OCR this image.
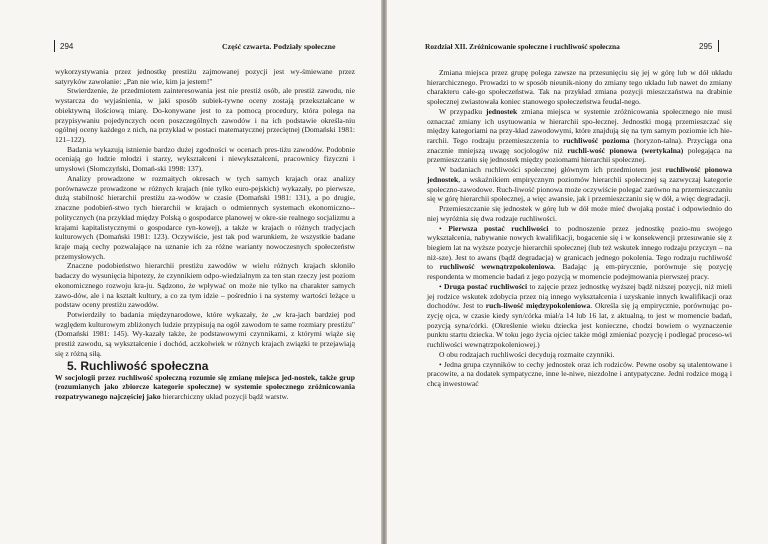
294	Część czwarta. Podziały społeczne

wykorzystywania przez jednostkę prestiżu zajmowanej pozycji jest wy-śmiewane przez satyryków zawołanie: „Pan nie wie, kim ja jestem!"

Stwierdzenie, że przedmiotem zainteresowania jest nie prestiż osób, ale prestiż zawodu, nie wystarcza do wyjaśnienia, w jaki sposób subiek-tywne oceny zostają przekształcane w obiektywną ilościową miarę. Do-konywane jest to za pomocą procedury, która polega na przypisywaniu pojedynczych ocen poszczególnych zawodów i na ich podstawie określa-niu ogólnej oceny każdego z nich, na przykład w postaci matematycznej przeciętnej (Domański 1981: 121–122).

Badania wykazują istnienie bardzo dużej zgodności w ocenach pres-tiżu zawodów. Podobnie oceniają go ludzie młodzi i starzy, wykształceni i niewykształceni, pracownicy fizyczni i umysłowi (Słomczyński, Domań-ski 1998: 137).

Analizy prowadzone w rozmaitych okresach w tych samych krajach oraz analizy porównawcze prowadzone w różnych krajach (nie tylko euro-pejskich) wykazały, po pierwsze, dużą stabilność hierarchii prestiżu za-wodów w czasie (Domański 1981: 131), a po drugie, znaczne podobień-stwo tych hierarchii w krajach o odmiennych systemach ekonomiczno--politycznych (na przykład między Polską o gospodarce planowej w okre-sie realnego socjalizmu a krajami kapitalistycznymi o gospodarce ryn-kowej), a także w krajach o różnych tradycjach kulturowych (Domański 1981: 123). Oczywiście, jest tak pod warunkiem, że wszystkie badane kraje mają cechy pozwalające na uznanie ich za różne warianty nowoczesnych społeczeństw przemysłowych.

Znaczne podobieństwo hierarchii prestiżu zawodów w wielu różnych krajach skłoniło badaczy do wysunięcia hipotezy, że czynnikiem odpo-wiedzialnym za ten stan rzeczy jest poziom ekonomicznego rozwoju kra-ju. Sądzono, że wpływać on może nie tylko na charakter samych zawo-dów, ale i na kształt kultury, a co za tym idzie – pośrednio i na systemy wartości leżące u podstaw oceny prestiżu zawodów.

Potwierdziły to badania międzynarodowe, które wykazały, że „w kra-jach bardziej pod względem kulturowym zbliżonych ludzie przypisują na ogół zawodom te same rozmiary prestiżu" (Domański 1981: 145). Wy-kazały także, że podstawowymi czynnikami, z którymi wiąże się prestiż zawodu, są wykształcenie i dochód, aczkolwiek w różnych krajach związki te przejawiają się z różną siłą.

5. Ruchliwość społeczna

W socjologii przez ruchliwość społeczną rozumie się zmianę miejsca jed-nostek, także grup (rozumianych jako zbiorcze kategorie społeczne) w systemie społecznego zróżnicowania rozpatrywanego najczęściej jako hierarchiczny układ pozycji bądź warstw.

Rozdział XII. Zróżnicowanie społeczne i ruchliwość społeczna	295

Zmiana miejsca przez grupę polega zawsze na przesunięciu się jej w górę lub w dół układu hierarchicznego. Prowadzi to w sposób nieunik-niony do zmiany tego układu lub nawet do zmiany charakteru całe-go społeczeństwa. Tak na przykład zmiana pozycji mieszczaństwa na drabinie społecznej zwiastowała koniec stanowego społeczeństwa feudal-nego.

W przypadku jednostek zmiana miejsca w systemie zróżnicowania społecznego nie musi oznaczać zmiany ich usytuowania w hierarchii spo-łecznej. Jednostki mogą przemieszczać się między kategoriami na przy-kład zawodowymi, które znajdują się na tym samym poziomie ich hie-rarchii. Tego rodzaju przemieszczenia to ruchliwość pozioma (horyzon-talna). Przyciąga ona znacznie mniejszą uwagę socjologów niż ruchli-wość pionowa (wertykalna) polegająca na przemieszczaniu się jednostek między poziomami hierarchii społecznej.

W badaniach ruchliwości społecznej głównym ich przedmiotem jest ruchliwość pionowa jednostek, a wskaźnikiem empirycznym poziomów hierarchii społecznej są zazwyczaj kategorie społeczno-zawodowe. Ruch-liwość pionowa może oczywiście polegać zarówno na przemieszczaniu się w górę hierarchii społecznej, a więc awansie, jak i przemieszczaniu się w dół, a więc degradacji.

Przemieszczanie się jednostek w górę lub w dół może mieć dwojaką postać i odpowiednio do niej wyróżnia się dwa rodzaje ruchliwości.

• Pierwsza postać ruchliwości to podnoszenie przez jednostkę pozio-mu swojego wykształcenia, nabywanie nowych kwalifikacji, bogacenie się i w konsekwencji przesuwanie się z biegiem lat na wyższe pozycje hierarchii społecznej (lub też wskutek innego rodzaju przyczyn – na niż-sze). Jest to awans (bądź degradacja) w granicach jednego pokolenia. Tego rodzaju ruchliwość to ruchliwość wewnątrzpokoleniowa. Badając ją em-pirycznie, porównuje się pozycję respondenta w momencie badań z jego pozycją w momencie podejmowania pierwszej pracy.

• Druga postać ruchliwości to zajęcie przez jednostkę wyższej bądź niższej pozycji, niż mieli jej rodzice wskutek zdobycia przez nią innego wykształcenia i uzyskanie innych kwalifikacji oraz dochodów. Jest to ruch-liwość międzypokoleniowa. Określa się ją empirycznie, porównując po-zycję ojca, w czasie kiedy syn/córka miał/a 14 lub 16 lat, z aktualną, to jest w momencie badań, pozycją syna/córki. (Określenie wieku dziecka jest konieczne, chodzi bowiem o wyznaczenie punktu startu dziecka. W toku jego życia ojciec także mógł zmieniać pozycję i podlegać proceso-wi ruchliwości wewnątrzpokoleniowej.)

O obu rodzajach ruchliwości decydują rozmaite czynniki.

• Jedna grupa czynników to cechy jednostek oraz ich rodziców. Pewne osoby są utalentowane i pracowite, a na dodatek sympatyczne, inne le-niwe, niezdolne i antypatyczne. Jedni rodzice mogą i chcą inwestować
